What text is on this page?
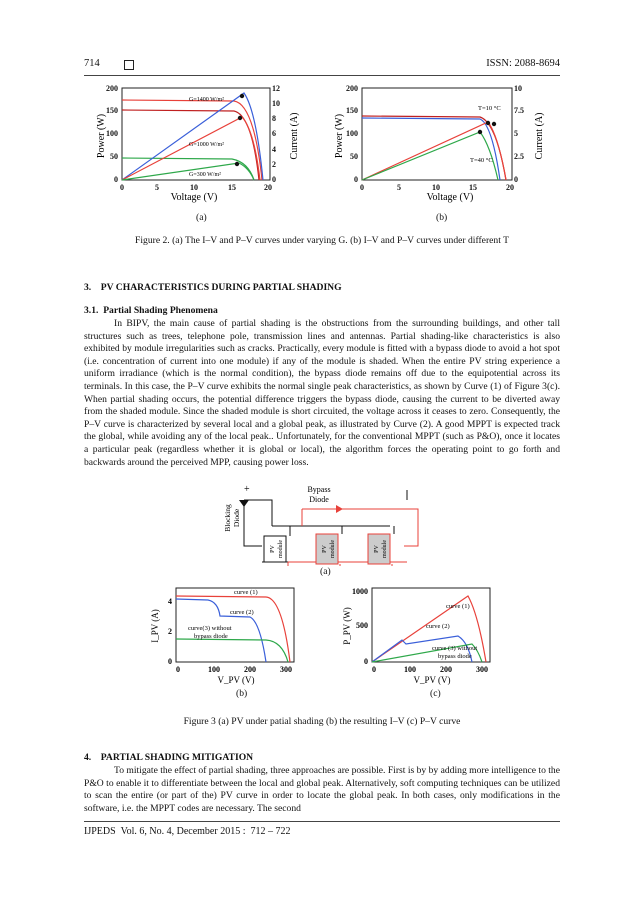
714	ISSN: 2088-8694
0
50
100
150
200
0
2
4
6
8
10
12
0	5	10	15	20
Voltage (V)
Power (W)	Current (A)
G=1400 W/m²
G=1000 W/m²
G=300 W/m²	0
50
100
150
200
0
2.5
5
7.5
10
0	5	10	15	20
Voltage (V)
Power (W)	Current (A)
T=10 °C
T=40 °C
(a)	(b)
Figure 2. (a) The I–V and P–V curves under varying G. (b) I–V and P–V curves under different T
3.    PV CHARACTERISTICS DURING PARTIAL SHADING
3.1.  Partial Shading Phenomena
In BIPV, the main cause of partial shading is the obstructions from the surrounding buildings, and other tall structures such as trees, telephone pole, transmission lines and antennas. Partial shading-like characteristics is also exhibited by module irregularities such as cracks. Practically, every module is fitted with a bypass diode to avoid a hot spot (i.e. concentration of current into one module) if any of the module is shaded. When the entire PV string experience a uniform irradiance (which is the normal condition), the bypass diode remains off due to the equipotential across its terminals. In this case, the P–V curve exhibits the normal single peak characteristics, as shown by Curve (1) of Figure 3(c). When partial shading occurs, the potential difference triggers the bypass diode, causing the current to be diverted away from the shaded module. Since the shaded module is short circuited, the voltage across it ceases to zero. Consequently, the P–V curve is characterized by several local and a global peak, as illustrated by Curve (2). A good MPPT is expected track the global, while avoiding any of the local peak.. Unfortunately, for the conventional MPPT (such as P&O), once it locates a particular peak (regardless whether it is global or local), the algorithm forces the operating point to go forth and backwards around the perceived MPP, causing power loss.
Blocking Diode
+	Bypass
Diode
PV module	PV module	PV module
(a)
0
2
4
0	100	200	300
V_PV (V)
I_PV (A)
curve (1)
curve (2)
curve(3) without
bypass diode
0
500
1000
0	100	200	300
V_PV (V)
P_PV (W)
curve (1)
curve (2)
curve (3) without
bypass diode
(b)	(c)
Figure 3 (a) PV under patial shading (b) the resulting I–V (c) P–V curve
4.    PARTIAL SHADING MITIGATION
To mitigate the effect of partial shading, three approaches are possible. First is by by adding more intelligence to the P&O to enable it to differentiate between the local and global peak. Alternatively, soft computing techniques can be utilized to scan the entire (or part of the) PV curve in order to locate the global peak. In both cases, only modifications in the software, i.e. the MPPT codes are necessary. The second
IJPEDS  Vol. 6, No. 4, December 2015 :  712 – 722
